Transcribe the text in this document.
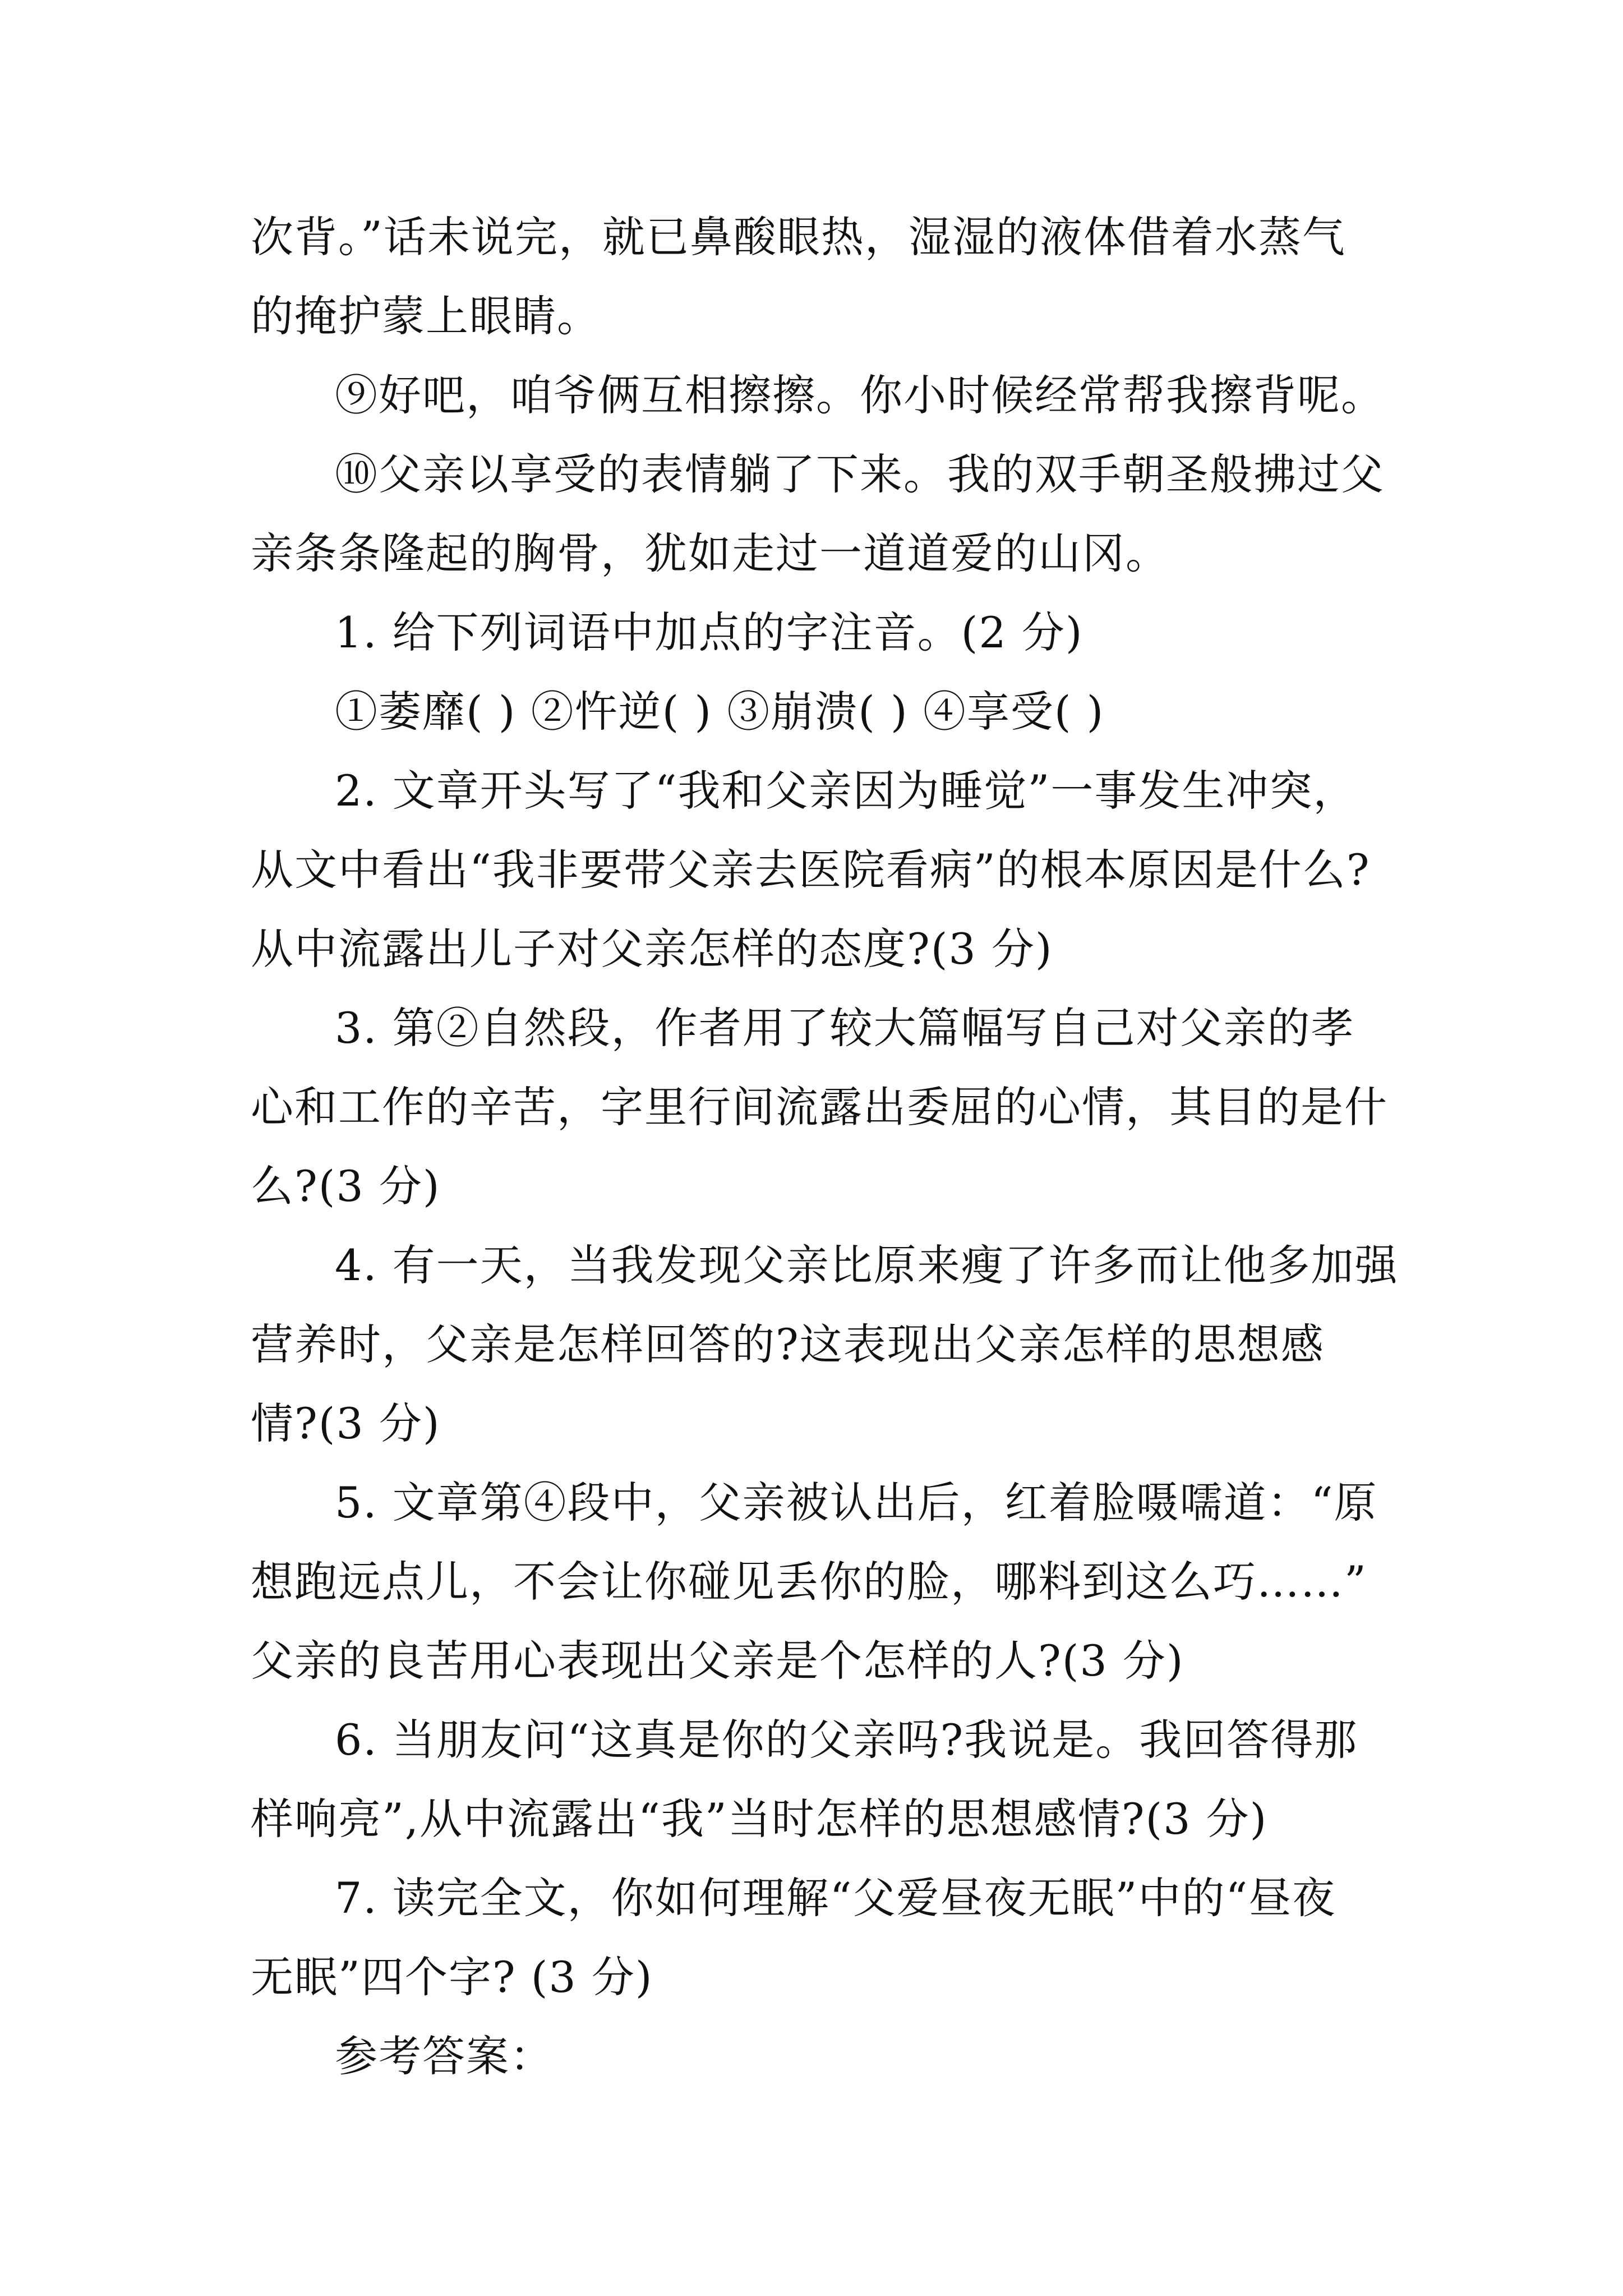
次背。”话未说完，就已鼻酸眼热，湿湿的液体借着水蒸气
的掩护蒙上眼睛。
⑨好吧，咱爷俩互相擦擦。你小时候经常帮我擦背呢。
⑩父亲以享受的表情躺了下来。我的双手朝圣般拂过父
亲条条隆起的胸骨，犹如走过一道道爱的山冈。
1. 给下列词语中加点的字注音。(2 分)
①萎靡( ) ②忤逆( ) ③崩溃( ) ④享受( )
2. 文章开头写了“我和父亲因为睡觉”一事发生冲突，
从文中看出“我非要带父亲去医院看病”的根本原因是什么?
从中流露出儿子对父亲怎样的态度?(3 分)
3. 第②自然段，作者用了较大篇幅写自己对父亲的孝
心和工作的辛苦，字里行间流露出委屈的心情，其目的是什
么?(3 分)
4. 有一天，当我发现父亲比原来瘦了许多而让他多加强
营养时，父亲是怎样回答的?这表现出父亲怎样的思想感
情?(3 分)
5. 文章第④段中，父亲被认出后，红着脸嗫嚅道：“原
想跑远点儿，不会让你碰见丢你的脸，哪料到这么巧……”
父亲的良苦用心表现出父亲是个怎样的人?(3 分)
6. 当朋友问“这真是你的父亲吗?我说是。我回答得那
样响亮”,从中流露出“我”当时怎样的思想感情?(3 分)
7. 读完全文，你如何理解“父爱昼夜无眠”中的“昼夜
无眠”四个字? (3 分)
参考答案：
